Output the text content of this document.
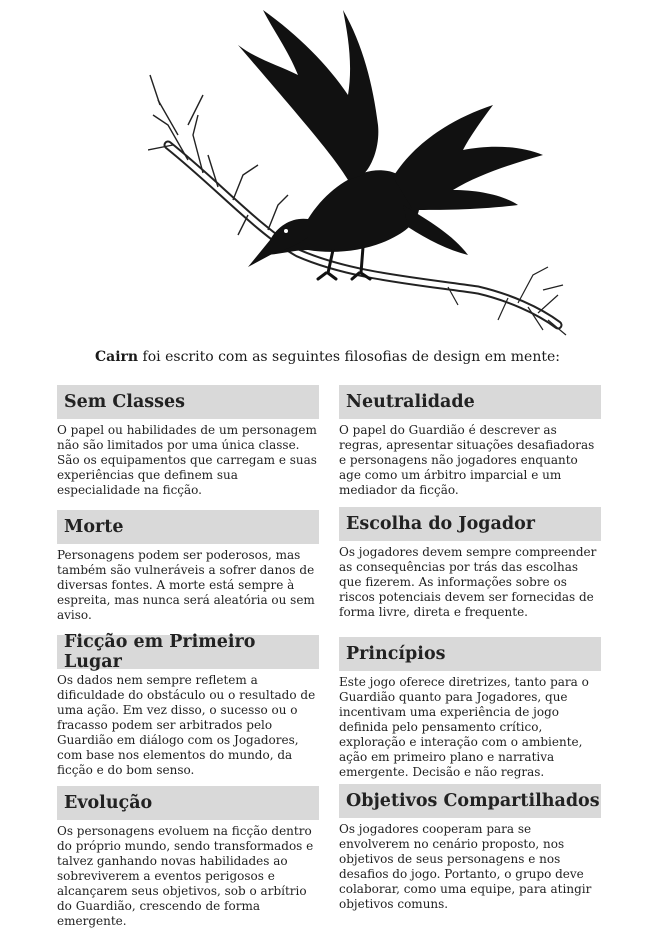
Cairn foi escrito com as seguintes filosofias de design em mente:
Sem Classes
O papel ou habilidades de um personagem não são limitados por uma única classe. São os equipamentos que carregam e suas experiências que definem sua especialidade na ficção.
Neutralidade
O papel do Guardião é descrever as regras, apresentar situações desafiadoras e personagens não jogadores enquanto age como um árbitro imparcial e um mediador da ficção.
Morte
Personagens podem ser poderosos, mas também são vulneráveis a sofrer danos de diversas fontes. A morte está sempre à espreita, mas nunca será aleatória ou sem aviso.
Escolha do Jogador
Os jogadores devem sempre compreender as consequências por trás das escolhas que fizerem. As informações sobre os riscos potenciais devem ser fornecidas de forma livre, direta e frequente.
Ficção em Primeiro Lugar
Os dados nem sempre refletem a dificuldade do obstáculo ou o resultado de uma ação. Em vez disso, o sucesso ou o fracasso podem ser arbitrados pelo Guardião em diálogo com os Jogadores, com base nos elementos do mundo, da ficção e do bom senso.
Princípios
Este jogo oferece diretrizes, tanto para o Guardião quanto para Jogadores, que incentivam uma experiência de jogo definida pelo pensamento crítico, exploração e interação com o ambiente, ação em primeiro plano e narrativa emergente. Decisão e não regras.
Evolução
Os personagens evoluem na ficção dentro do próprio mundo, sendo transformados e talvez ganhando novas habilidades ao sobreviverem a eventos perigosos e alcançarem seus objetivos, sob o arbítrio do Guardião, crescendo de forma emergente.
Objetivos Compartilhados
Os jogadores cooperam para se envolverem no cenário proposto, nos objetivos de seus personagens e nos desafios do jogo. Portanto, o grupo deve colaborar, como uma equipe, para atingir objetivos comuns.
